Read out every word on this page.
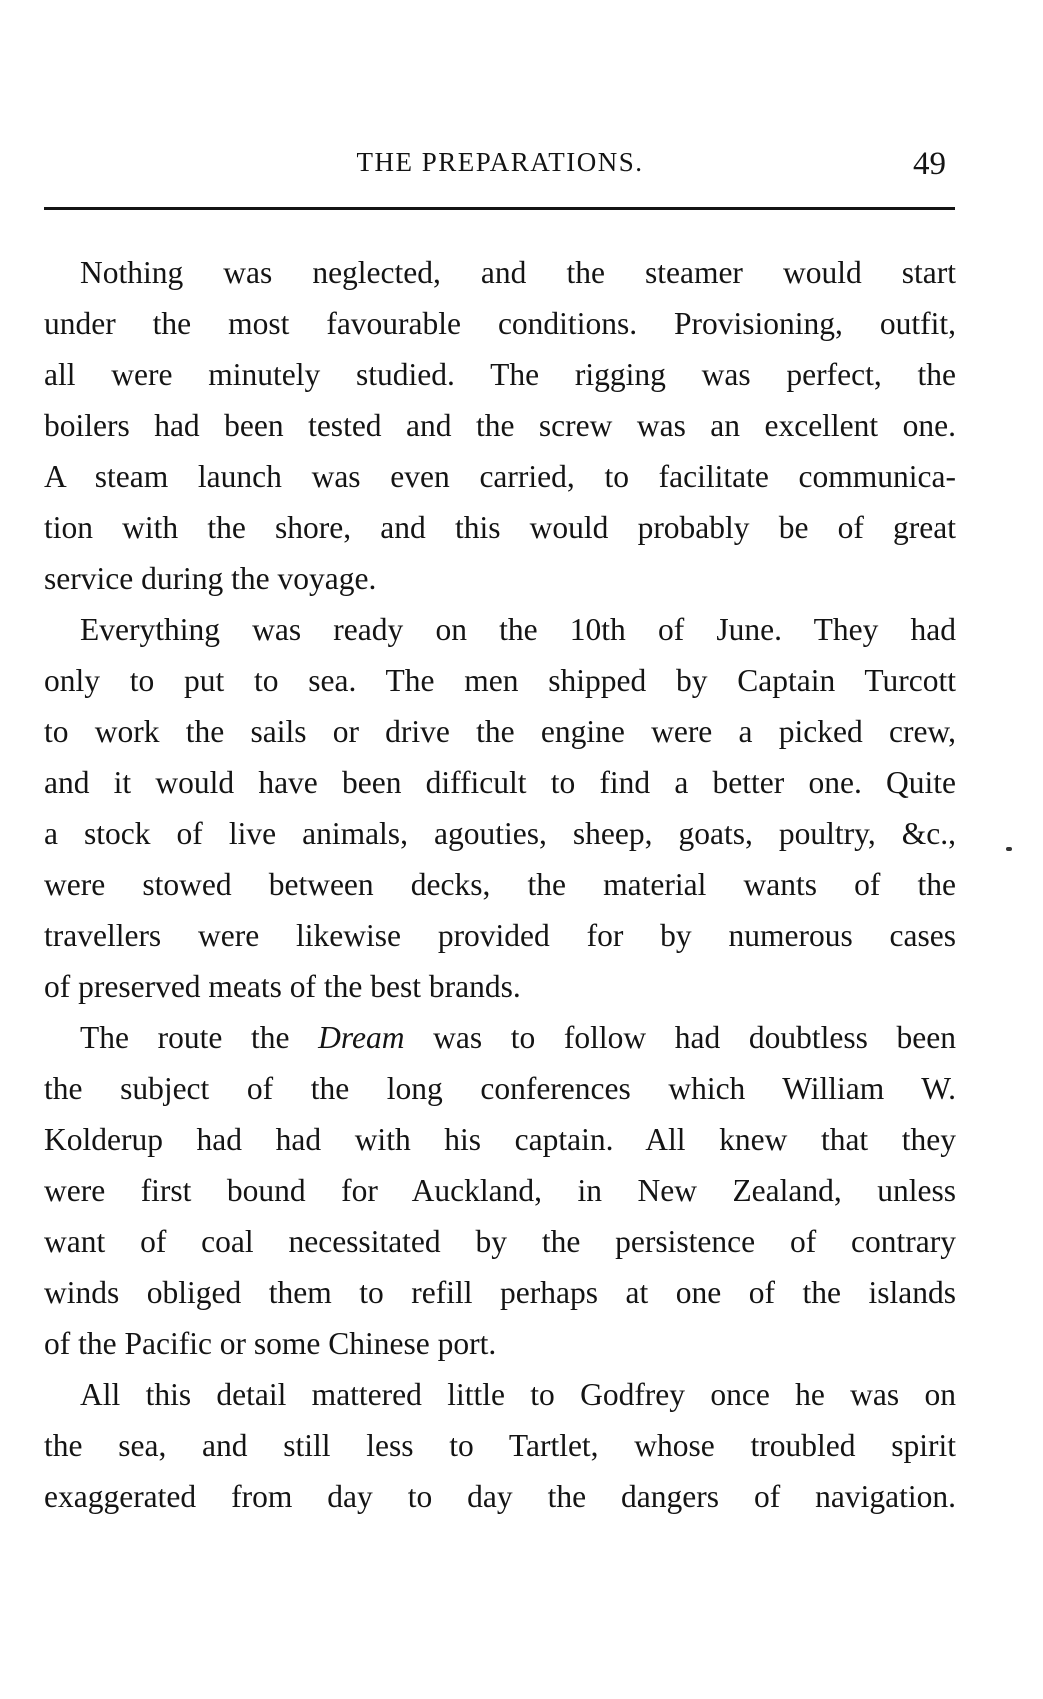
THE PREPARATIONS.	49
Nothing was neglected, and the steamer would start
under the most favourable conditions. Provisioning, outfit,
all were minutely studied. The rigging was perfect, the
boilers had been tested and the screw was an excellent one.
A steam launch was even carried, to facilitate communica-
tion with the shore, and this would probably be of great
service during the voyage.
Everything was ready on the 10th of June. They had
only to put to sea. The men shipped by Captain Turcott
to work the sails or drive the engine were a picked crew,
and it would have been difficult to find a better one. Quite
a stock of live animals, agouties, sheep, goats, poultry, &c.,
were stowed between decks, the material wants of the
travellers were likewise provided for by numerous cases
of preserved meats of the best brands.
The route the Dream was to follow had doubtless been
the subject of the long conferences which William W.
Kolderup had had with his captain. All knew that they
were first bound for Auckland, in New Zealand, unless
want of coal necessitated by the persistence of contrary
winds obliged them to refill perhaps at one of the islands
of the Pacific or some Chinese port.
All this detail mattered little to Godfrey once he was on
the sea, and still less to Tartlet, whose troubled spirit
exaggerated from day to day the dangers of navigation.
